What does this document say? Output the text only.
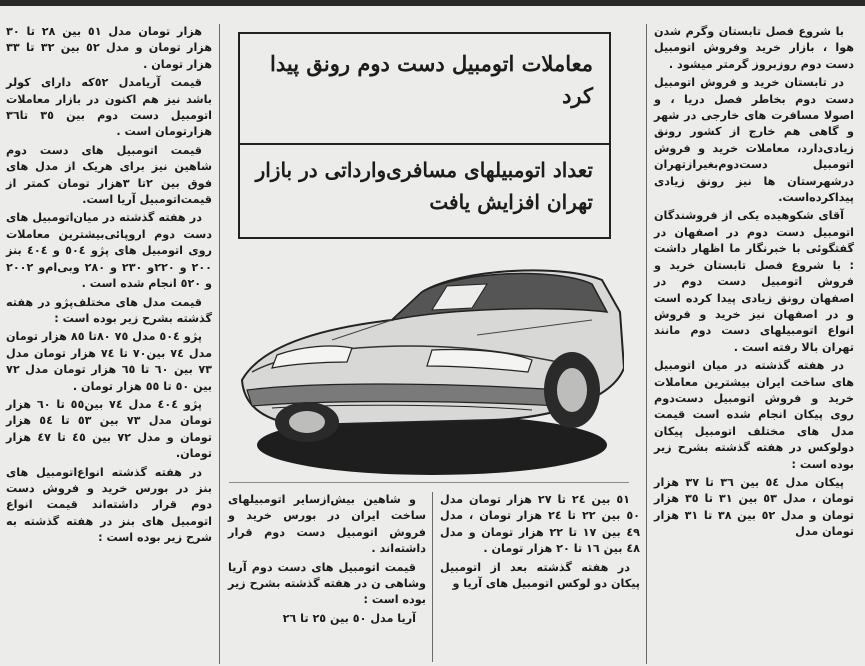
با شروع فصل تابستان وگرم شدن هوا ، بازار خرید وفروش اتومبیل دست دوم روزبروز گرمتر میشود .

در تابستان خرید و فروش اتومبیل دست دوم بخاطر فصل دریا ، و اصولا مسافرت های خارجی در شهر و گاهی هم خارج از کشور رونق زیادی‌دارد، معاملات خرید و فروش اتومبیل دست‌دوم‌بغیرازتهران درشهرستان ها نیز رونق زیادی پیداکرده‌است.

آقای شکوهیده یکی از فروشندگان اتومبیل دست دوم در اصفهان در گفتگوئی با خبرنگار ما اظهار داشت : با شروع فصل تابستان خرید و فروش اتومبیل دست دوم در اصفهان رونق زیادی پیدا کرده است و در اصفهان نیز خرید و فروش انواع اتومبیلهای دست دوم مانند تهران بالا رفته است .

در هفته گذشته در میان اتومبیل های ساخت ایران بیشترین معاملات خرید و فروش اتومبیل دست‌دوم روی پیکان انجام شده است قیمت مدل های مختلف اتومبیل پیکان دولوکس در هفته گذشته بشرح زیر بوده است :

پیکان مدل ٥٤ بین ٣٦ تا ٣٧ هزار تومان ، مدل ٥٣ بین ٣١ تا ٣٥ هزار تومان و مدل ٥٢ بین ٣٨ تا ٣١ هزار تومان مدل

معاملات اتومبیل دست دوم رونق پیدا کرد
تعداد اتومبیلهای مسافری‌وارداتی در بازار تهران افزایش یافت

٥١ بین ٢٤ تا ٢٧ هزار تومان مدل ٥٠ بین ٢٢ تا ٢٤ هزار تومان ، مدل ٤٩ بین ١٧ تا ٢٢ هزار تومان و مدل ٤٨ بین ١٦ تا ٢٠ هزار تومان .

در هفته گذشته بعد از اتومبیل پیکان دو لوکس اتومبیل های آریا و

و شاهین بیش‌ازسایر اتومبیلهای ساخت ایران در بورس خرید و فروش اتومبیل دست دوم قرار داشته‌اند .

قیمت اتومبیل های دست دوم آریا وشاهی ن در هفته گذشته بشرح زیر بوده است :

آریا مدل ٥٠ بین ٢٥ تا ٢٦

هزار تومان مدل ٥١ بین ٢٨ تا ٣٠ هزار تومان و مدل ٥٢ بین ٣٢ تا ٣٣ هزار تومان .

قیمت آریامدل ٥٢که دارای کولر باشد نیز هم اکنون در بازار معاملات اتومبیل دست دوم بین ٣٥ تا٣٦ هزارتومان است .

قیمت اتومبیل های دست دوم شاهین نیز برای هریک از مدل های فوق بین ٢تا ٣هزار تومان کمتر از قیمت‌اتومبیل آریا است.

در هفته گذشته در میان‌اتومبیل های دست دوم اروپائی‌بیشترین معاملات روی اتومبیل های پژو ٥٠٤ و ٤٠٤ بنز ٢٠٠ و ٢٢٠و ٢٣٠ و ٢٨٠ وبی‌ام‌و ٢٠٠٢ و ٥٢٠ انجام شده است .

قیمت مدل های مختلف‌پژو در هفته گذشته بشرح زیر بوده است :

پژو ٥٠٤ مدل ٧٥ ٨٠تا ٨٥ هزار تومان مدل ٧٤ بین٧٠ تا ٧٤ هزار تومان مدل ٧٣ بین ٦٠ تا ٦٥ هزار تومان مدل ٧٢ بین ٥٠ تا ٥٥ هزار تومان .

پژو ٤٠٤ مدل ٧٤ بین٥٥ تا ٦٠ هزار تومان مدل ٧٣ بین ٥٣ تا ٥٤ هزار تومان و مدل ٧٢ بین ٤٥ تا ٤٧ هزار تومان.

در هفته گذشته انواع‌اتومبیل های بنز در بورس خرید و فروش دست دوم قرار داشته‌اند قیمت انواع اتومبیل های بنز در هفته گذشته به شرح زیر بوده است :
